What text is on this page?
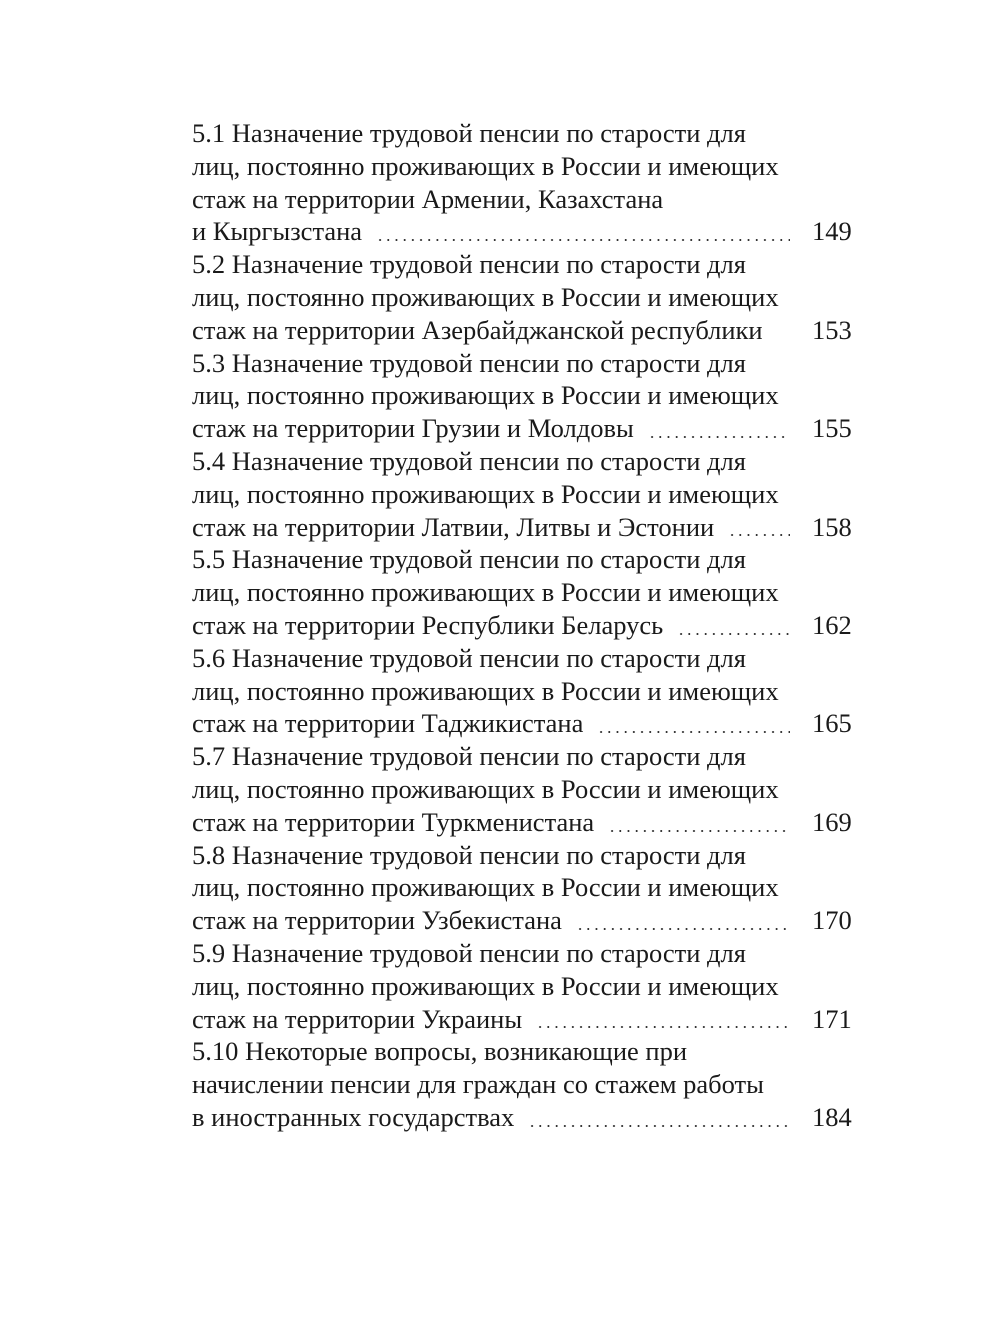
5.1 Назначение трудовой пенсии по старости для
лиц, постоянно проживающих в России и имеющих
стаж на территории Армении, Казахстана
и Кыргызстана	149
5.2 Назначение трудовой пенсии по старости для
лиц, постоянно проживающих в России и имеющих
стаж на территории Азербайджанской республики 153
5.3 Назначение трудовой пенсии по старости для
лиц, постоянно проживающих в России и имеющих
стаж на территории Грузии и Молдовы	155
5.4 Назначение трудовой пенсии по старости для
лиц, постоянно проживающих в России и имеющих
стаж на территории Латвии, Литвы и Эстонии	158
5.5 Назначение трудовой пенсии по старости для
лиц, постоянно проживающих в России и имеющих
стаж на территории Республики Беларусь	162
5.6 Назначение трудовой пенсии по старости для
лиц, постоянно проживающих в России и имеющих
стаж на территории Таджикистана	165
5.7 Назначение трудовой пенсии по старости для
лиц, постоянно проживающих в России и имеющих
стаж на территории Туркменистана	169
5.8 Назначение трудовой пенсии по старости для
лиц, постоянно проживающих в России и имеющих
стаж на территории Узбекистана	170
5.9 Назначение трудовой пенсии по старости для
лиц, постоянно проживающих в России и имеющих
стаж на территории Украины	171
5.10 Некоторые вопросы, возникающие при
начислении пенсии для граждан со стажем работы
в иностранных государствах	184
